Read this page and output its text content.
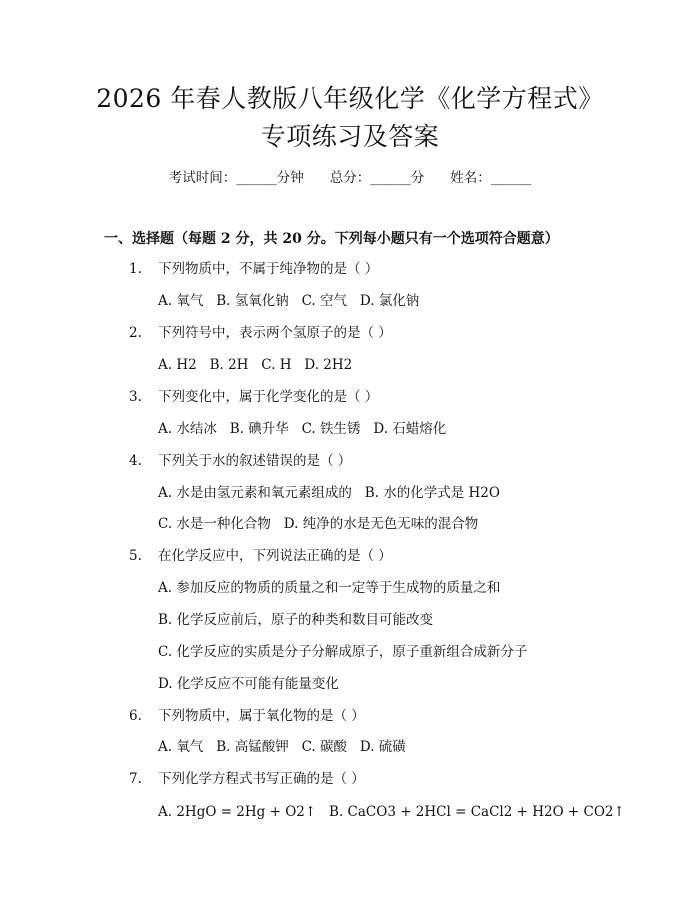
2026 年春人教版八年级化学《化学方程式》
专项练习及答案
考试时间：______分钟 总分：______分 姓名：______
一、选择题（每题 2 分，共 20 分。下列每小题只有一个选项符合题意）
1. 下列物质中，不属于纯净物的是（ ）
A. 氧气   B. 氢氧化钠   C. 空气   D. 氯化钠
2. 下列符号中，表示两个氢原子的是（ ）
A. H2   B. 2H   C. H   D. 2H2
3. 下列变化中，属于化学变化的是（ ）
A. 水结冰   B. 碘升华   C. 铁生锈   D. 石蜡熔化
4. 下列关于水的叙述错误的是（ ）
A. 水是由氢元素和氧元素组成的   B. 水的化学式是 H2O
C. 水是一种化合物   D. 纯净的水是无色无味的混合物
5. 在化学反应中，下列说法正确的是（ ）
A. 参加反应的物质的质量之和一定等于生成物的质量之和
B. 化学反应前后，原子的种类和数目可能改变
C. 化学反应的实质是分子分解成原子，原子重新组合成新分子
D. 化学反应不可能有能量变化
6. 下列物质中，属于氧化物的是（ ）
A. 氧气   B. 高锰酸钾   C. 碳酸   D. 硫磺
7. 下列化学方程式书写正确的是（ ）
A. 2HgO = 2Hg + O2↑   B. CaCO3 + 2HCl = CaCl2 + H2O + CO2↑
